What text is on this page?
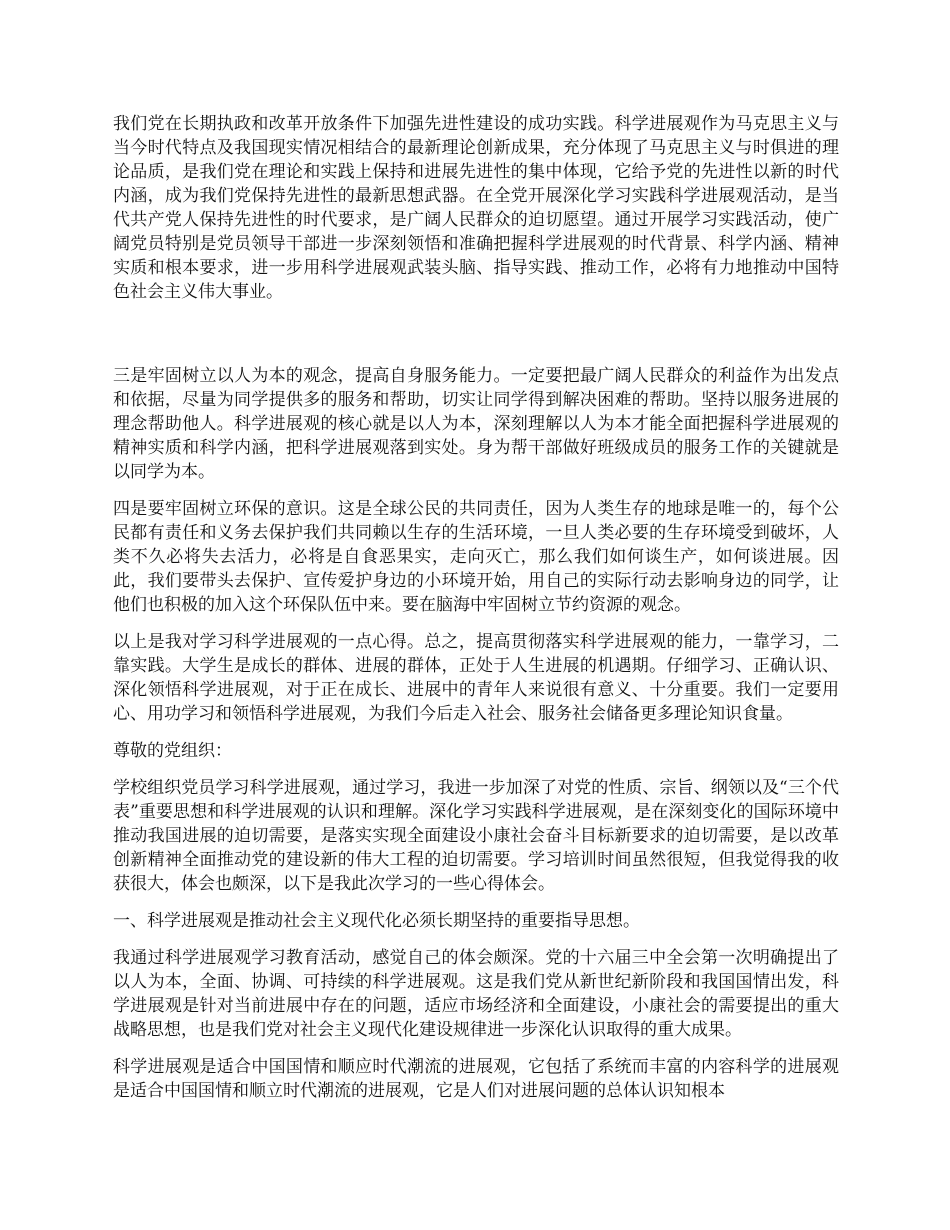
我们党在长期执政和改革开放条件下加强先进性建设的成功实践。科学进展观作为马克思主义与当今时代特点及我国现实情况相结合的最新理论创新成果，充分体现了马克思主义与时俱进的理论品质，是我们党在理论和实践上保持和进展先进性的集中体现，它给予党的先进性以新的时代内涵，成为我们党保持先进性的最新思想武器。在全党开展深化学习实践科学进展观活动，是当代共产党人保持先进性的时代要求，是广阔人民群众的迫切愿望。通过开展学习实践活动，使广阔党员特别是党员领导干部进一步深刻领悟和准确把握科学进展观的时代背景、科学内涵、精神实质和根本要求，进一步用科学进展观武装头脑、指导实践、推动工作，必将有力地推动中国特色社会主义伟大事业。

三是牢固树立以人为本的观念，提高自身服务能力。一定要把最广阔人民群众的利益作为出发点和依据，尽量为同学提供多的服务和帮助，切实让同学得到解决困难的帮助。坚持以服务进展的理念帮助他人。科学进展观的核心就是以人为本，深刻理解以人为本才能全面把握科学进展观的精神实质和科学内涵，把科学进展观落到实处。身为帮干部做好班级成员的服务工作的关键就是以同学为本。

四是要牢固树立环保的意识。这是全球公民的共同责任，因为人类生存的地球是唯一的，每个公民都有责任和义务去保护我们共同赖以生存的生活环境，一旦人类必要的生存环境受到破坏，人类不久必将失去活力，必将是自食恶果实，走向灭亡，那么我们如何谈生产，如何谈进展。因此，我们要带头去保护、宣传爱护身边的小环境开始，用自己的实际行动去影响身边的同学，让他们也积极的加入这个环保队伍中来。要在脑海中牢固树立节约资源的观念。

以上是我对学习科学进展观的一点心得。总之，提高贯彻落实科学进展观的能力，一靠学习，二靠实践。大学生是成长的群体、进展的群体，正处于人生进展的机遇期。仔细学习、正确认识、深化领悟科学进展观，对于正在成长、进展中的青年人来说很有意义、十分重要。我们一定要用心、用功学习和领悟科学进展观，为我们今后走入社会、服务社会储备更多理论知识食量。

尊敬的党组织：

学校组织党员学习科学进展观，通过学习，我进一步加深了对党的性质、宗旨、纲领以及“三个代表”重要思想和科学进展观的认识和理解。深化学习实践科学进展观，是在深刻变化的国际环境中推动我国进展的迫切需要，是落实实现全面建设小康社会奋斗目标新要求的迫切需要，是以改革创新精神全面推动党的建设新的伟大工程的迫切需要。学习培训时间虽然很短，但我觉得我的收获很大，体会也颇深，以下是我此次学习的一些心得体会。

一、科学进展观是推动社会主义现代化必须长期坚持的重要指导思想。

我通过科学进展观学习教育活动，感觉自己的体会颇深。党的十六届三中全会第一次明确提出了以人为本，全面、协调、可持续的科学进展观。这是我们党从新世纪新阶段和我国国情出发，科学进展观是针对当前进展中存在的问题，适应市场经济和全面建设，小康社会的需要提出的重大战略思想，也是我们党对社会主义现代化建设规律进一步深化认识取得的重大成果。

科学进展观是适合中国国情和顺应时代潮流的进展观，它包括了系统而丰富的内容科学的进展观是适合中国国情和顺立时代潮流的进展观，它是人们对进展问题的总体认识知根本
